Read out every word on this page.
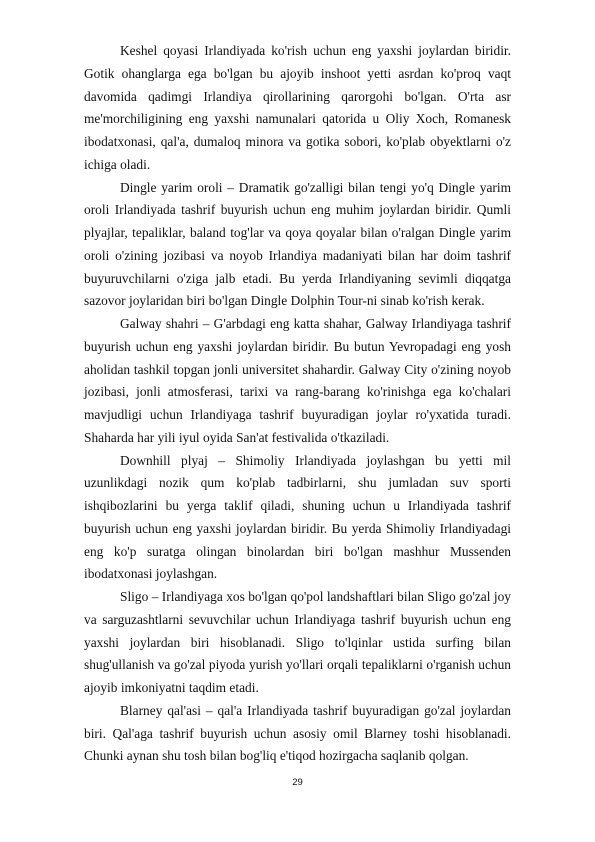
Keshel qoyasi Irlandiyada ko'rish uchun eng yaxshi joylardan biridir. Gotik ohanglarga ega bo'lgan bu ajoyib inshoot yetti asrdan ko'proq vaqt davomida qadimgi Irlandiya qirollarining qarorgohi bo'lgan. O'rta asr me'morchiligining eng yaxshi namunalari qatorida u Oliy Xoch, Romanesk ibodatxonasi, qal'a, dumaloq minora va gotika sobori, ko'plab obyektlarni o'z ichiga oladi.

Dingle yarim oroli – Dramatik go'zalligi bilan tengi yo'q Dingle yarim oroli Irlandiyada tashrif buyurish uchun eng muhim joylardan biridir. Qumli plyajlar, tepaliklar, baland tog'lar va qoya qoyalar bilan o'ralgan Dingle yarim oroli o'zining jozibasi va noyob Irlandiya madaniyati bilan har doim tashrif buyuruvchilarni o'ziga jalb etadi. Bu yerda Irlandiyaning sevimli diqqatga sazovor joylaridan biri bo'lgan Dingle Dolphin Tour-ni sinab ko'rish kerak.

Galway shahri – G'arbdagi eng katta shahar, Galway Irlandiyaga tashrif buyurish uchun eng yaxshi joylardan biridir. Bu butun Yevropadagi eng yosh aholidan tashkil topgan jonli universitet shahardir. Galway City o'zining noyob jozibasi, jonli atmosferasi, tarixi va rang-barang ko'rinishga ega ko'chalari mavjudligi uchun Irlandiyaga tashrif buyuradigan joylar ro'yxatida turadi. Shaharda har yili iyul oyida San'at festivalida o'tkaziladi.

Downhill plyaj – Shimoliy Irlandiyada joylashgan bu yetti mil uzunlikdagi nozik qum ko'plab tadbirlarni, shu jumladan suv sporti ishqibozlarini bu yerga taklif qiladi, shuning uchun u Irlandiyada tashrif buyurish uchun eng yaxshi joylardan biridir. Bu yerda Shimoliy Irlandiyadagi eng ko'p suratga olingan binolardan biri bo'lgan mashhur Mussenden ibodatxonasi joylashgan.

Sligo – Irlandiyaga xos bo'lgan qo'pol landshaftlari bilan Sligo go'zal joy va sarguzashtlarni sevuvchilar uchun Irlandiyaga tashrif buyurish uchun eng yaxshi joylardan biri hisoblanadi. Sligo to'lqinlar ustida surfing bilan shug'ullanish va go'zal piyoda yurish yo'llari orqali tepaliklarni o'rganish uchun ajoyib imkoniyatni taqdim etadi.

Blarney qal'asi – qal'a Irlandiyada tashrif buyuradigan go'zal joylardan biri. Qal'aga tashrif buyurish uchun asosiy omil Blarney toshi hisoblanadi. Chunki aynan shu tosh bilan bog'liq e'tiqod hozirgacha saqlanib qolgan.

29
